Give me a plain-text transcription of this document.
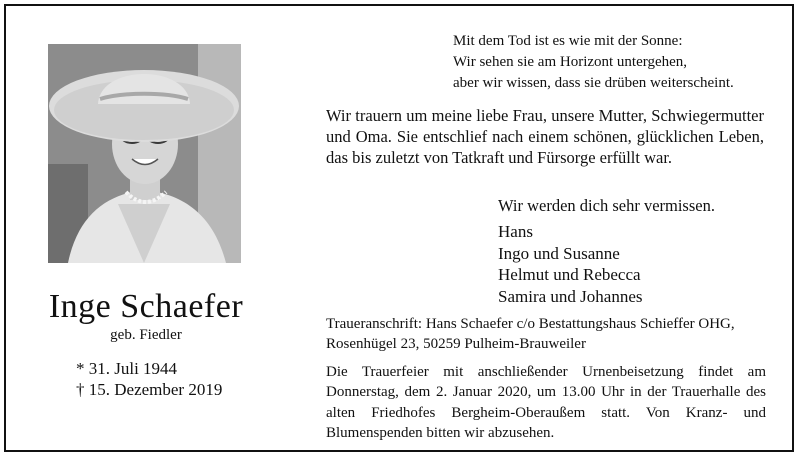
Inge Schaefer
geb. Fiedler
* 31. Juli 1944
† 15. Dezember 2019
Mit dem Tod ist es wie mit der Sonne:
Wir sehen sie am Horizont untergehen,
aber wir wissen, dass sie drüben weiterscheint.
Wir trauern um meine liebe Frau, unsere Mutter, Schwiegermutter und Oma. Sie entschlief nach einem schönen, glücklichen Leben, das bis zuletzt von Tatkraft und Fürsorge erfüllt war.
Wir werden dich sehr vermissen.
Hans
Ingo und Susanne
Helmut und Rebecca
Samira und Johannes
Traueranschrift: Hans Schaefer c/o Bestattungshaus Schieffer OHG,
Rosenhügel 23, 50259 Pulheim-Brauweiler
Die Trauerfeier mit anschließender Urnenbeisetzung findet am Donnerstag, dem 2. Januar 2020, um 13.00 Uhr in der Trauerhalle des alten Friedhofes Bergheim-Oberaußem statt. Von Kranz- und Blumenspenden bitten wir abzusehen.
